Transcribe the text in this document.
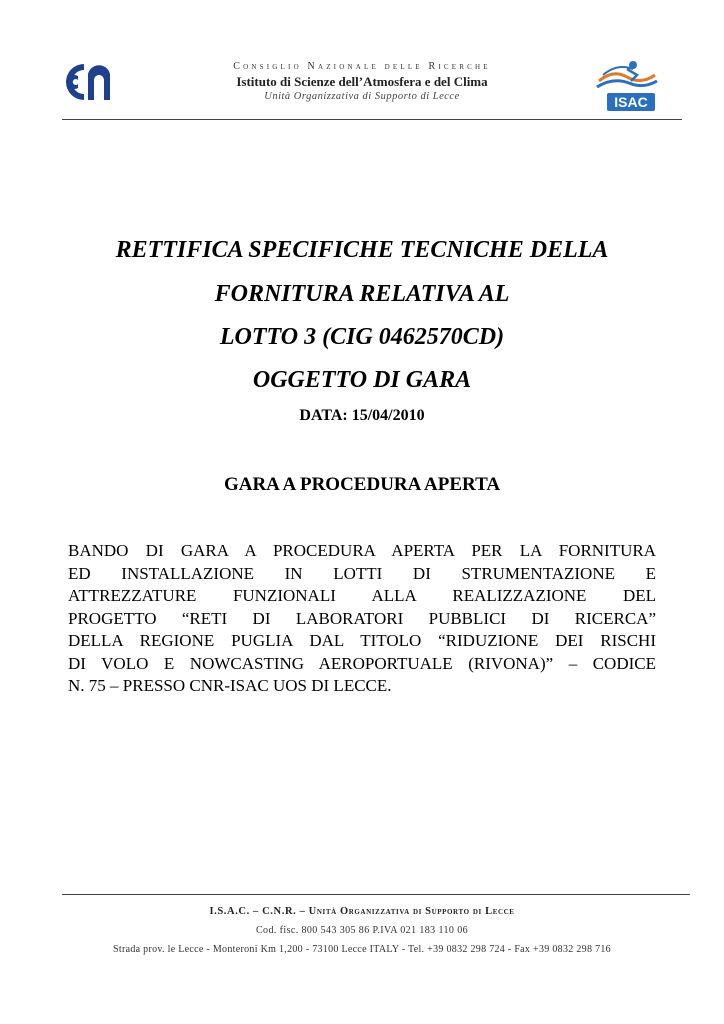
Consiglio Nazionale delle Ricerche
Istituto di Scienze dell’Atmosfera e del Clima
Unità Organizzativa di Supporto di Lecce	ISAC
RETTIFICA SPECIFICHE TECNICHE DELLA
FORNITURA RELATIVA AL
LOTTO 3 (CIG 0462570CD)
OGGETTO DI GARA
DATA: 15/04/2010
GARA A PROCEDURA APERTA
BANDO DI GARA A PROCEDURA APERTA PER LA FORNITURA
ED INSTALLAZIONE IN LOTTI DI STRUMENTAZIONE E
ATTREZZATURE FUNZIONALI ALLA REALIZZAZIONE DEL
PROGETTO “RETI DI LABORATORI PUBBLICI DI RICERCA”
DELLA REGIONE PUGLIA DAL TITOLO “RIDUZIONE DEI RISCHI
DI VOLO E NOWCASTING AEROPORTUALE (RIVONA)” – CODICE
N. 75 – PRESSO CNR-ISAC UOS DI LECCE.
I.S.A.C. – C.N.R. – Unità Organizzativa di Supporto di Lecce
Cod. fisc. 800 543 305 86 P.IVA 021 183 110 06
Strada prov. le Lecce - Monteroni Km 1,200 - 73100 Lecce ITALY - Tel. +39 0832 298 724 - Fax +39 0832 298 716
